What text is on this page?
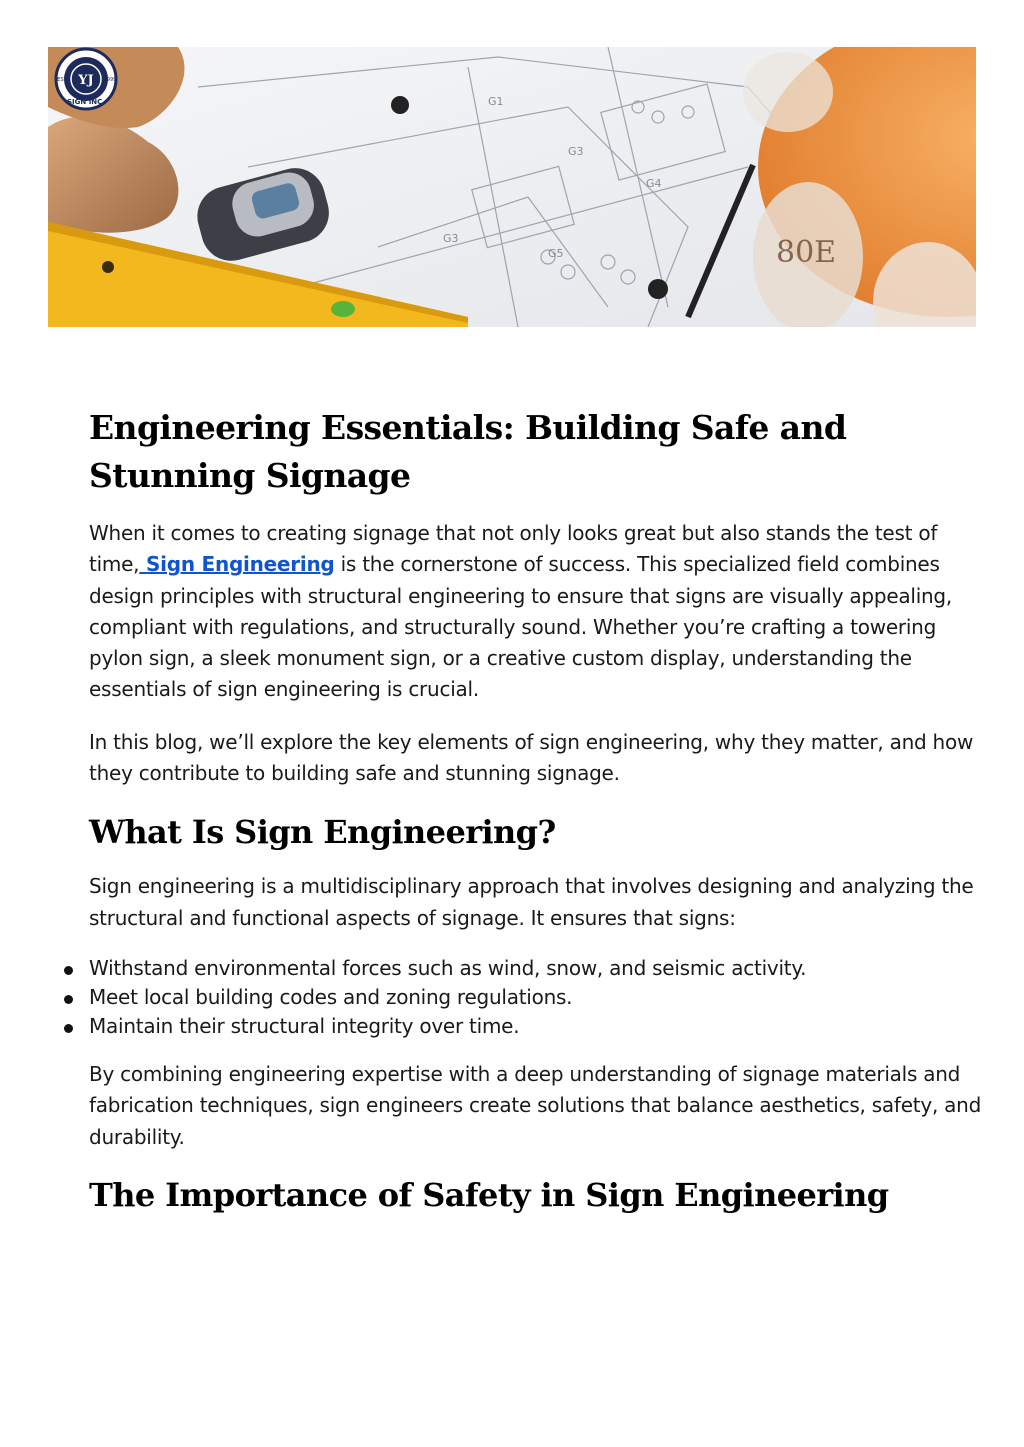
G1
G3
G4
G5
G3	80E
YJ
EST	1999
SIGN INC.
Engineering Essentials: Building Safe and Stunning Signage

When it comes to creating signage that not only looks great but also stands the test of time, Sign Engineering is the cornerstone of success. This specialized field combines design principles with structural engineering to ensure that signs are visually appealing, compliant with regulations, and structurally sound. Whether you’re crafting a towering pylon sign, a sleek monument sign, or a creative custom display, understanding the essentials of sign engineering is crucial.

In this blog, we’ll explore the key elements of sign engineering, why they matter, and how they contribute to building safe and stunning signage.

What Is Sign Engineering?

Sign engineering is a multidisciplinary approach that involves designing and analyzing the structural and functional aspects of signage. It ensures that signs:

Withstand environmental forces such as wind, snow, and seismic activity.
Meet local building codes and zoning regulations.
Maintain their structural integrity over time.

By combining engineering expertise with a deep understanding of signage materials and fabrication techniques, sign engineers create solutions that balance aesthetics, safety, and durability.

The Importance of Safety in Sign Engineering
